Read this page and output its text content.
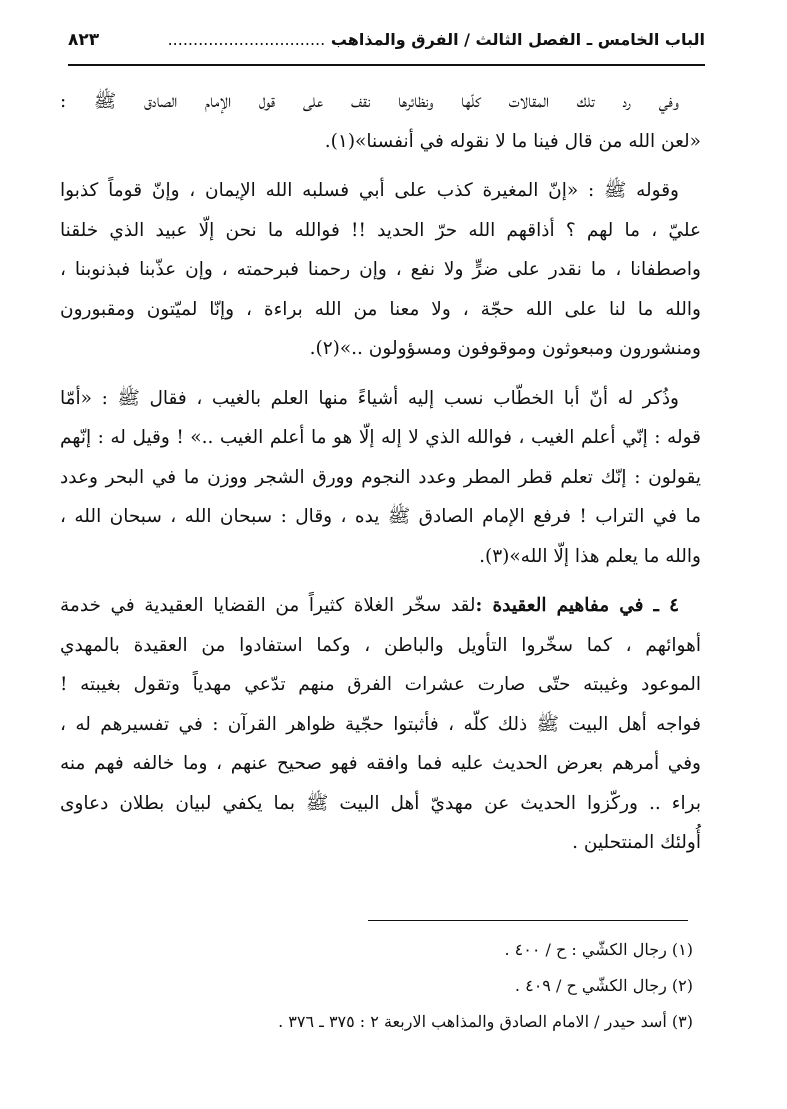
الباب الخامس ـ الفصل الثالث / الفرق والمذاهب ...............................
٨٢٣
وفي رد تلك المقالات كلّها ونظائرها نقف على قول الإمام الصادق ﷺ :
«لعن الله من قال فينا ما لا نقوله في أنفسنا»(١).
وقوله ﷺ : «إنّ المغيرة كذب على أبي فسلبه الله الإيمان ، وإنّ قوماً كذبوا
عليّ ، ما لهم ؟ أذاقهم الله حرّ الحديد !! فوالله ما نحن إلّا عبيد الذي خلقنا
واصطفانا ، ما نقدر على ضرٍّ ولا نفع ، وإن رحمنا فبرحمته ، وإن عذّبنا فبذنوبنا ،
والله ما لنا على الله حجّة ، ولا معنا من الله براءة ، وإنّا لميّتون ومقبورون
ومنشورون ومبعوثون وموقوفون ومسؤولون ..»(٢).
وذُكر له أنّ أبا الخطّاب نسب إليه أشياءً منها العلم بالغيب ، فقال ﷺ : «أمّا
قوله : إنّي أعلم الغيب ، فوالله الذي لا إله إلّا هو ما أعلم الغيب ..» ! وقيل له : إنّهم
يقولون : إنّك تعلم قطر المطر وعدد النجوم وورق الشجر ووزن ما في البحر وعدد
ما في التراب ! فرفع الإمام الصادق ﷺ يده ، وقال : سبحان الله ، سبحان الله ،
والله ما يعلم هذا إلّا الله»(٣).
٤ ـ في مفاهيم العقيدة :لقد سخّر الغلاة كثيراً من القضايا العقيدية في خدمة
أهوائهم ، كما سخّروا التأويل والباطن ، وكما استفادوا من العقيدة بالمهدي
الموعود وغيبته حتّى صارت عشرات الفرق منهم تدّعي مهدياً وتقول بغيبته !
فواجه أهل البيت ﷺ ذلك كلّه ، فأثبتوا حجّية ظواهر القرآن : في تفسيرهم له ،
وفي أمرهم بعرض الحديث عليه فما وافقه فهو صحيح عنهم ، وما خالفه فهم منه
براء .. وركّزوا الحديث عن مهديّ أهل البيت ﷺ بما يكفي لبيان بطلان دعاوى
أُولئك المنتحلين .
(١) رجال الكشّي : ح / ٤٠٠ .
(٢) رجال الكشّي ح / ٤٠٩ .
(٣) أسد حيدر / الامام الصادق والمذاهب الاربعة ٢ : ٣٧٥ ـ ٣٧٦ .
